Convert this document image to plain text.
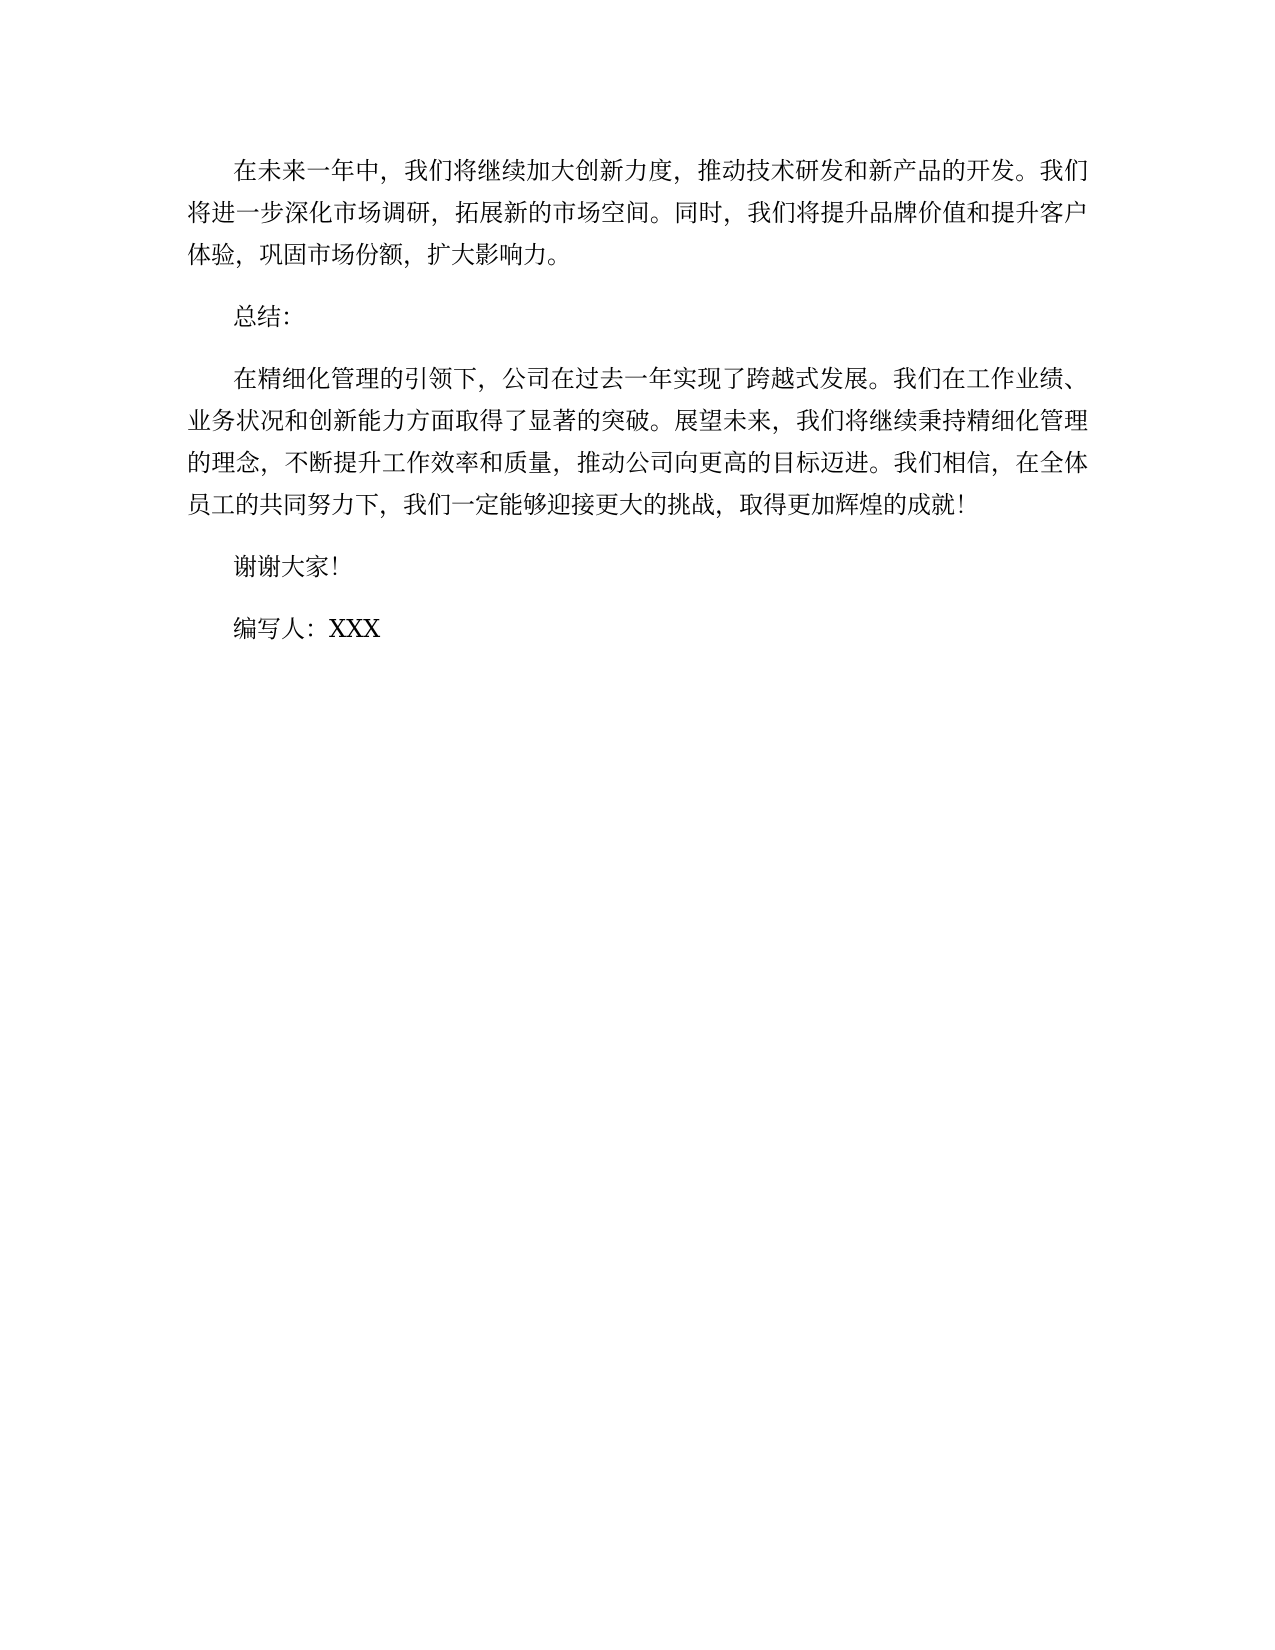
在未来一年中，我们将继续加大创新力度，推动技术研发和新产品的开发。我们将进一步深化市场调研，拓展新的市场空间。同时，我们将提升品牌价值和提升客户体验，巩固市场份额，扩大影响力。

总结：

在精细化管理的引领下，公司在过去一年实现了跨越式发展。我们在工作业绩、业务状况和创新能力方面取得了显著的突破。展望未来，我们将继续秉持精细化管理的理念，不断提升工作效率和质量，推动公司向更高的目标迈进。我们相信，在全体员工的共同努力下，我们一定能够迎接更大的挑战，取得更加辉煌的成就！

谢谢大家！

编写人：XXX
